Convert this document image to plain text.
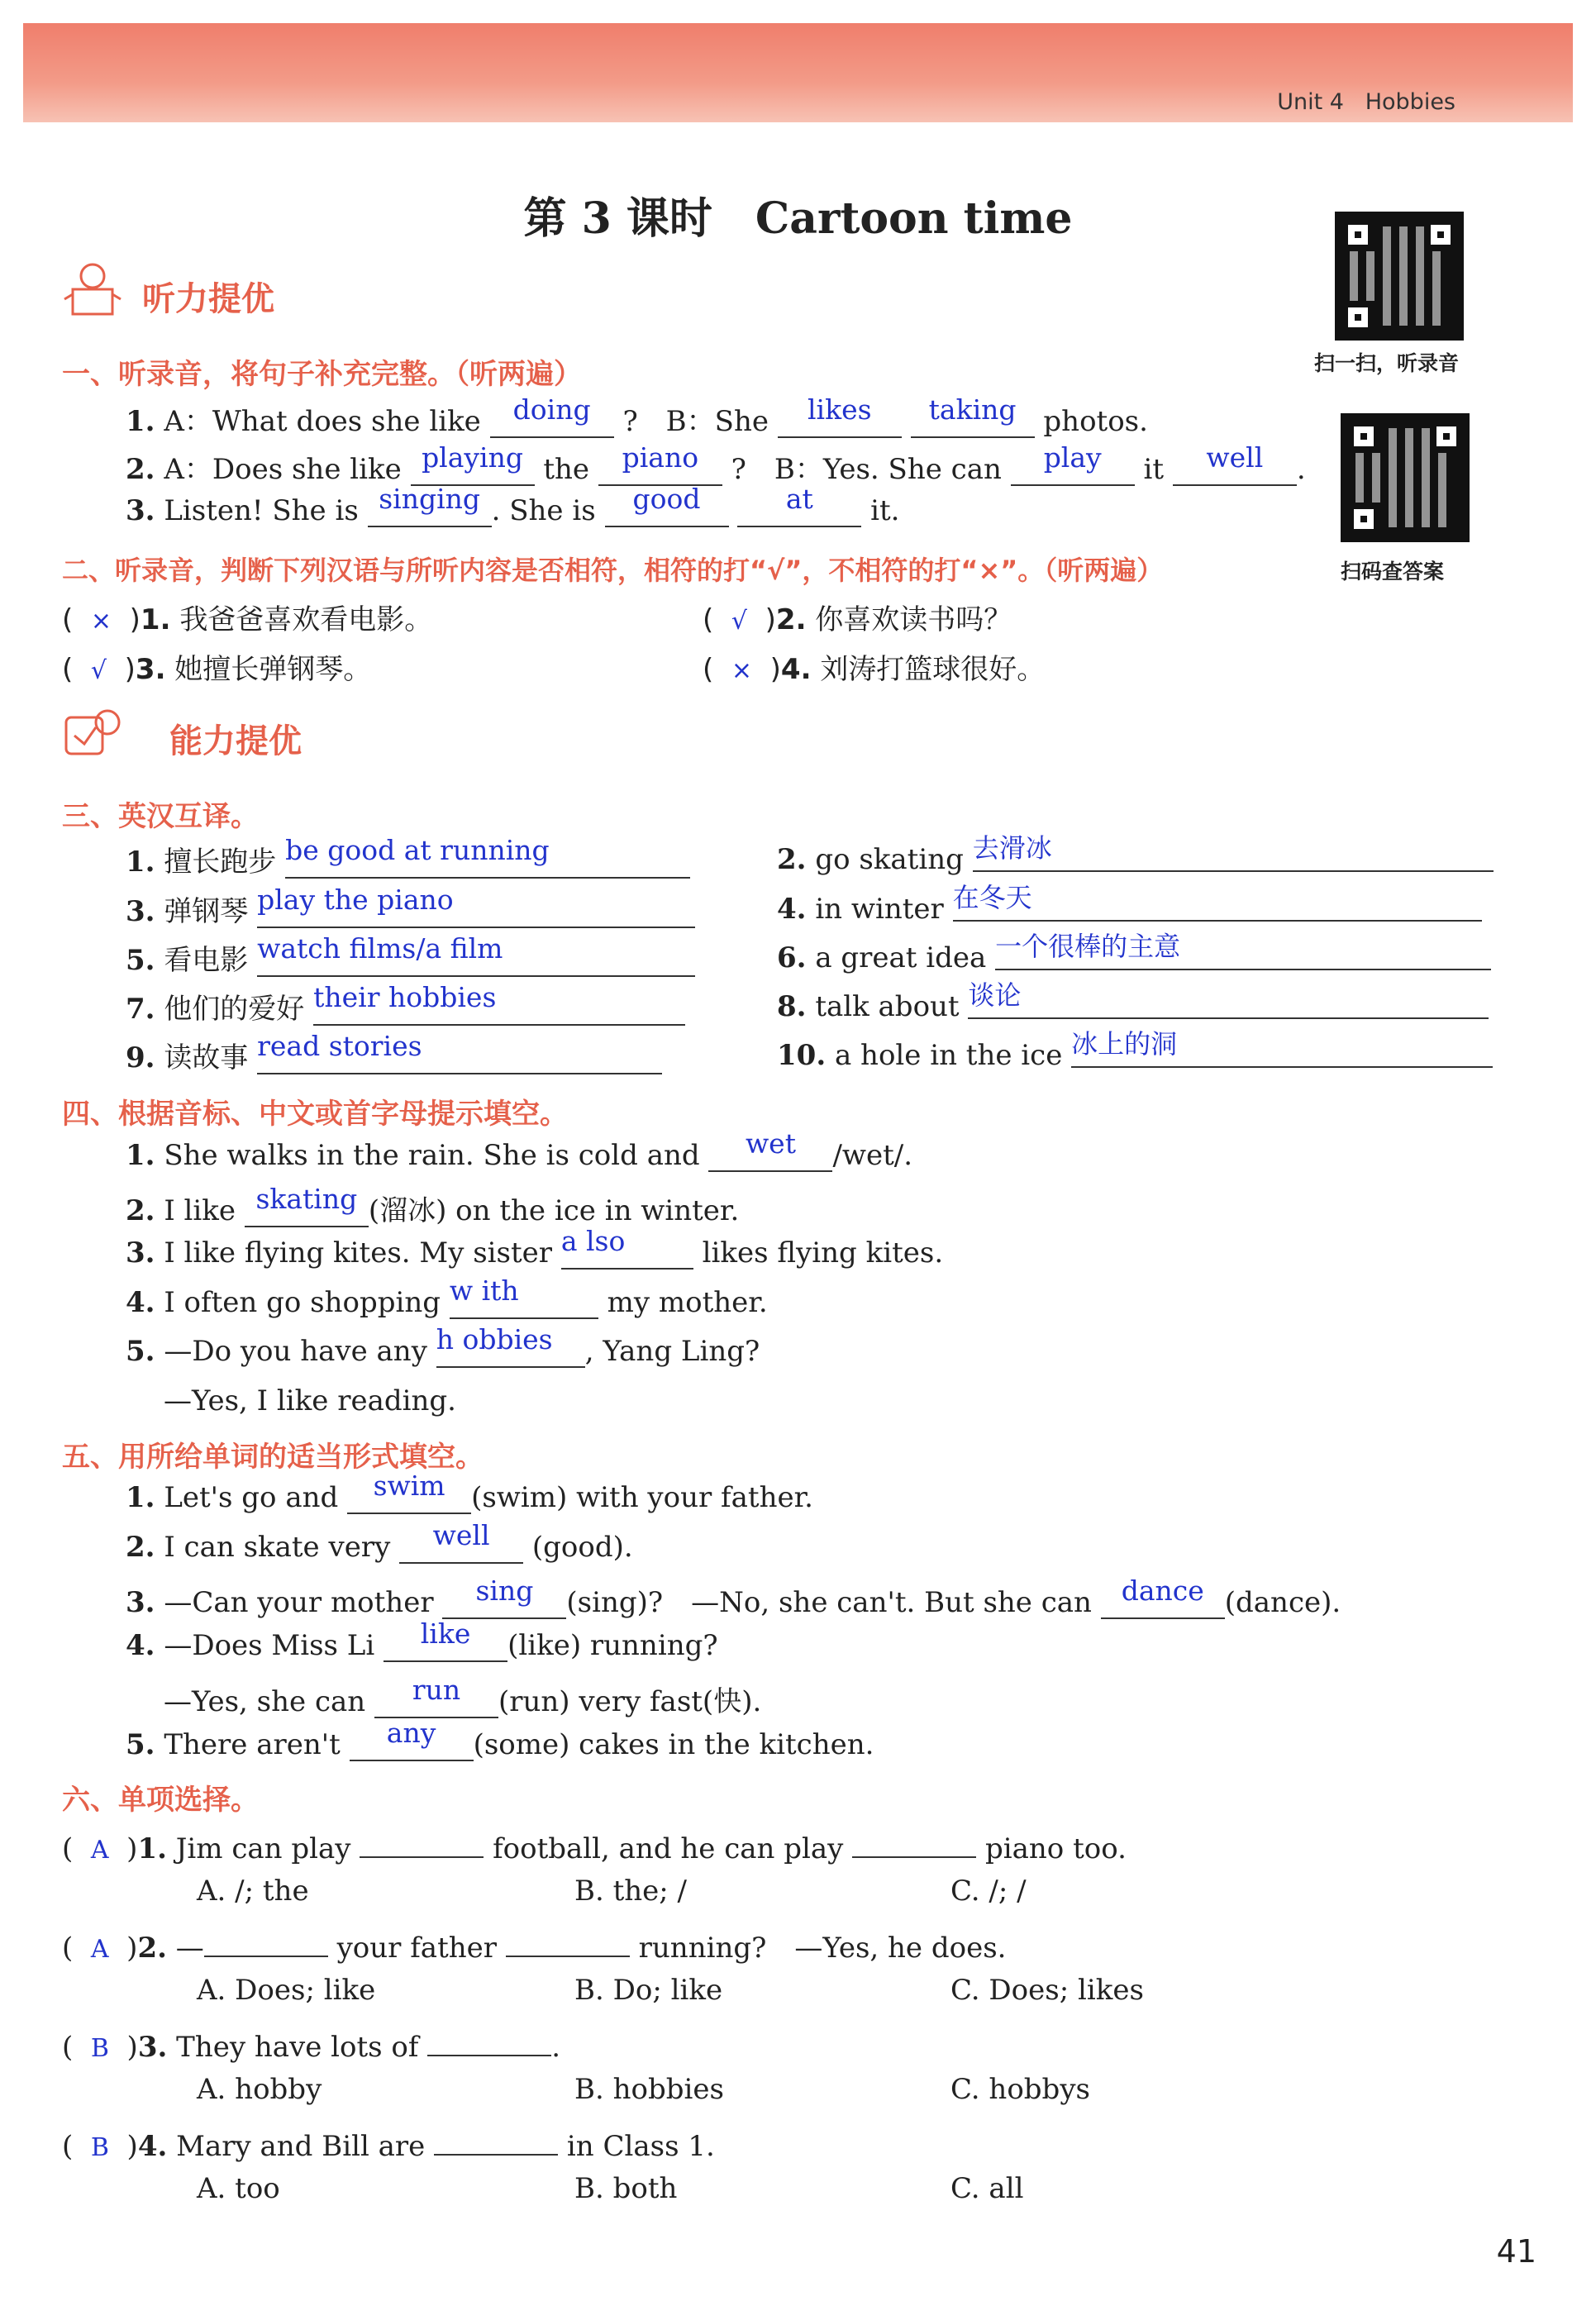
Unit 4 Hobbies
第 3 课时　Cartoon time
扫一扫，听录音
扫码查答案
听力提优
一、听录音，将句子补充完整。（听两遍）
1. A：What does she like doing ?　B：She likes taking photos.
2. A：Does she like playing the piano ?　B：Yes. She can play it well .
3. Listen! She is singing . She is good	at it.
二、听录音，判断下列汉语与所听内容是否相符，相符的打“√”，不相符的打“×”。（听两遍）
(  ×  )1. 我爸爸喜欢看电影。	(  √  )2. 你喜欢读书吗？
(  √  )3. 她擅长弹钢琴。	(  ×  )4. 刘涛打篮球很好。
能力提优
三、英汉互译。
1. 擅长跑步 be good at running	2. go skating 去滑冰
3. 弹钢琴 play the piano	4. in winter 在冬天
5. 看电影 watch films/a film	6. a great idea 一个很棒的主意
7. 他们的爱好 their hobbies	8. talk about 谈论
9. 读故事 read stories	10. a hole in the ice 冰上的洞
四、根据音标、中文或首字母提示填空。
1. She walks in the rain. She is cold and wet /wet/.
2. I like skating (溜冰) on the ice in winter.
3. I like flying kites. My sister a lso	likes flying kites.
4. I often go shopping w ith	my mother.
5. —Do you have any h obbies , Yang Ling?
—Yes, I like reading.
五、用所给单词的适当形式填空。
1. Let's go and swim (swim) with your father.
2. I can skate very well (good).
3. —Can your mother sing (sing)?　—No, she can't. But she can dance (dance).
4. —Does Miss Li like (like) running?
—Yes, she can run (run) very fast(快).
5. There aren't any (some) cakes in the kitchen.
六、单项选择。
(  A  )1. Jim can play	football, and he can play	piano too.
A. /; the	B. the; /	C. /; /
(  A  )2. —	your father	running?　—Yes, he does.
A. Does; like	B. Do; like	C. Does; likes
(  B  )3. They have lots of	.
A. hobby	B. hobbies	C. hobbys
(  B  )4. Mary and Bill are	in Class 1.
A. too	B. both	C. all
41
